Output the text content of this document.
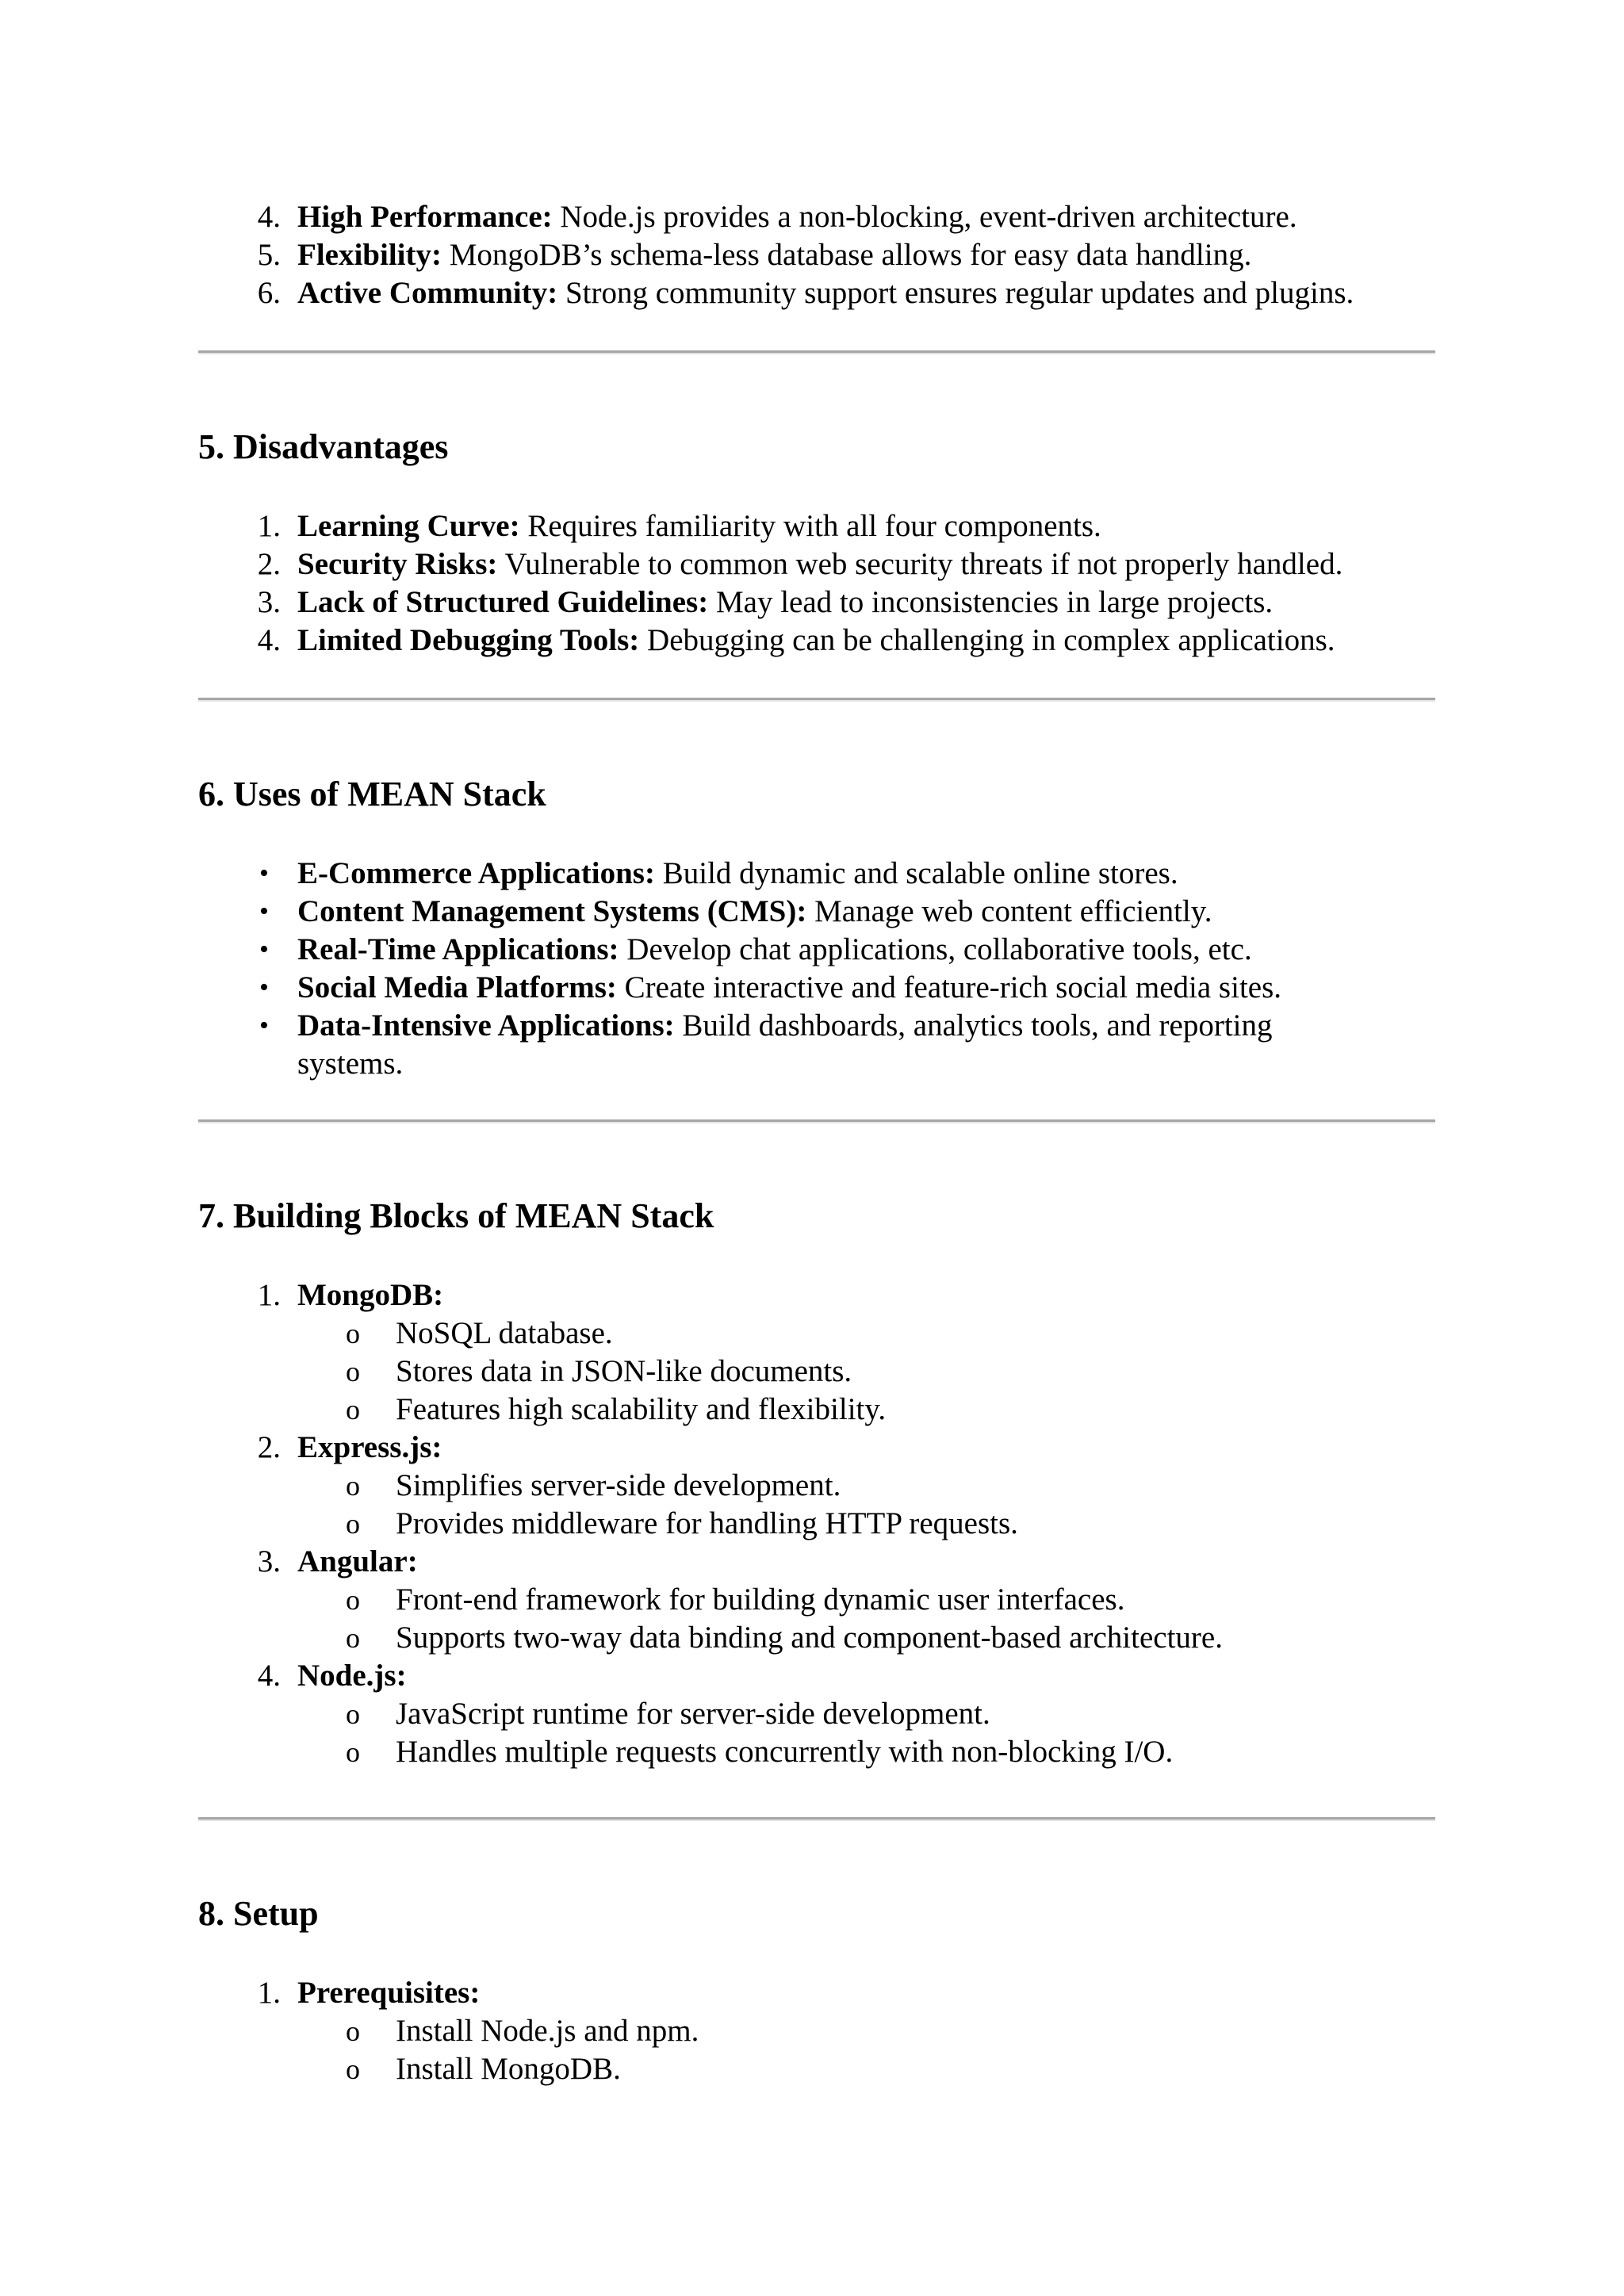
4. High Performance: Node.js provides a non-blocking, event-driven architecture.
5. Flexibility: MongoDB’s schema-less database allows for easy data handling.
6. Active Community: Strong community support ensures regular updates and plugins.
5. Disadvantages
1. Learning Curve: Requires familiarity with all four components.
2. Security Risks: Vulnerable to common web security threats if not properly handled.
3. Lack of Structured Guidelines: May lead to inconsistencies in large projects.
4. Limited Debugging Tools: Debugging can be challenging in complex applications.
6. Uses of MEAN Stack
• E-Commerce Applications: Build dynamic and scalable online stores.
• Content Management Systems (CMS): Manage web content efficiently.
• Real-Time Applications: Develop chat applications, collaborative tools, etc.
• Social Media Platforms: Create interactive and feature-rich social media sites.
• Data-Intensive Applications: Build dashboards, analytics tools, and reporting
systems.
7. Building Blocks of MEAN Stack
1. MongoDB:
o NoSQL database.
o Stores data in JSON-like documents.
o Features high scalability and flexibility.
2. Express.js:
o Simplifies server-side development.
o Provides middleware for handling HTTP requests.
3. Angular:
o Front-end framework for building dynamic user interfaces.
o Supports two-way data binding and component-based architecture.
4. Node.js:
o JavaScript runtime for server-side development.
o Handles multiple requests concurrently with non-blocking I/O.
8. Setup
1. Prerequisites:
o Install Node.js and npm.
o Install MongoDB.
